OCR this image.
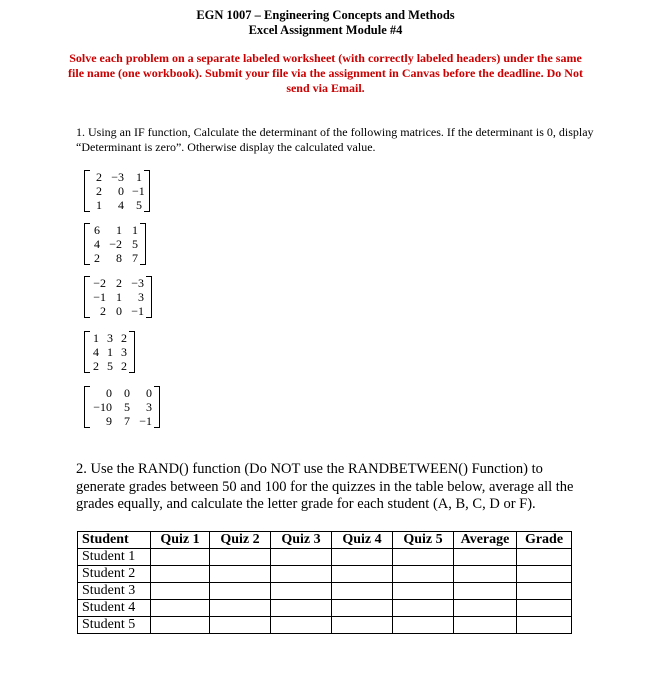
EGN 1007 – Engineering Concepts and Methods
Excel Assignment Module #4
Solve each problem on a separate labeled worksheet (with correctly labeled headers) under the same file name (one workbook). Submit your file via the assignment in Canvas before the deadline. Do Not send via Email.
1. Using an IF function, Calculate the determinant of the following matrices. If the determinant is 0, display “Determinant is zero”. Otherwise display the calculated value.
2 −3	1
2	0 −1
1	4	5
6	1 1
4 −2 5
2	8 7
−2 2 −3
−1 1	3
2 0 −1
1 3 2
4 1 3
2 5 2
0	0	0
−10	5	3
9	7 −1
2. Use the RAND() function (Do NOT use the RANDBETWEEN() Function) to generate grades between 50 and 100 for the quizzes in the table below, average all the grades equally, and calculate the letter grade for each student (A, B, C, D or F).
Student	Quiz 1	Quiz 2	Quiz 3	Quiz 4	Quiz 5	Average	Grade
Student 1							
Student 2							
Student 3							
Student 4							
Student 5							
